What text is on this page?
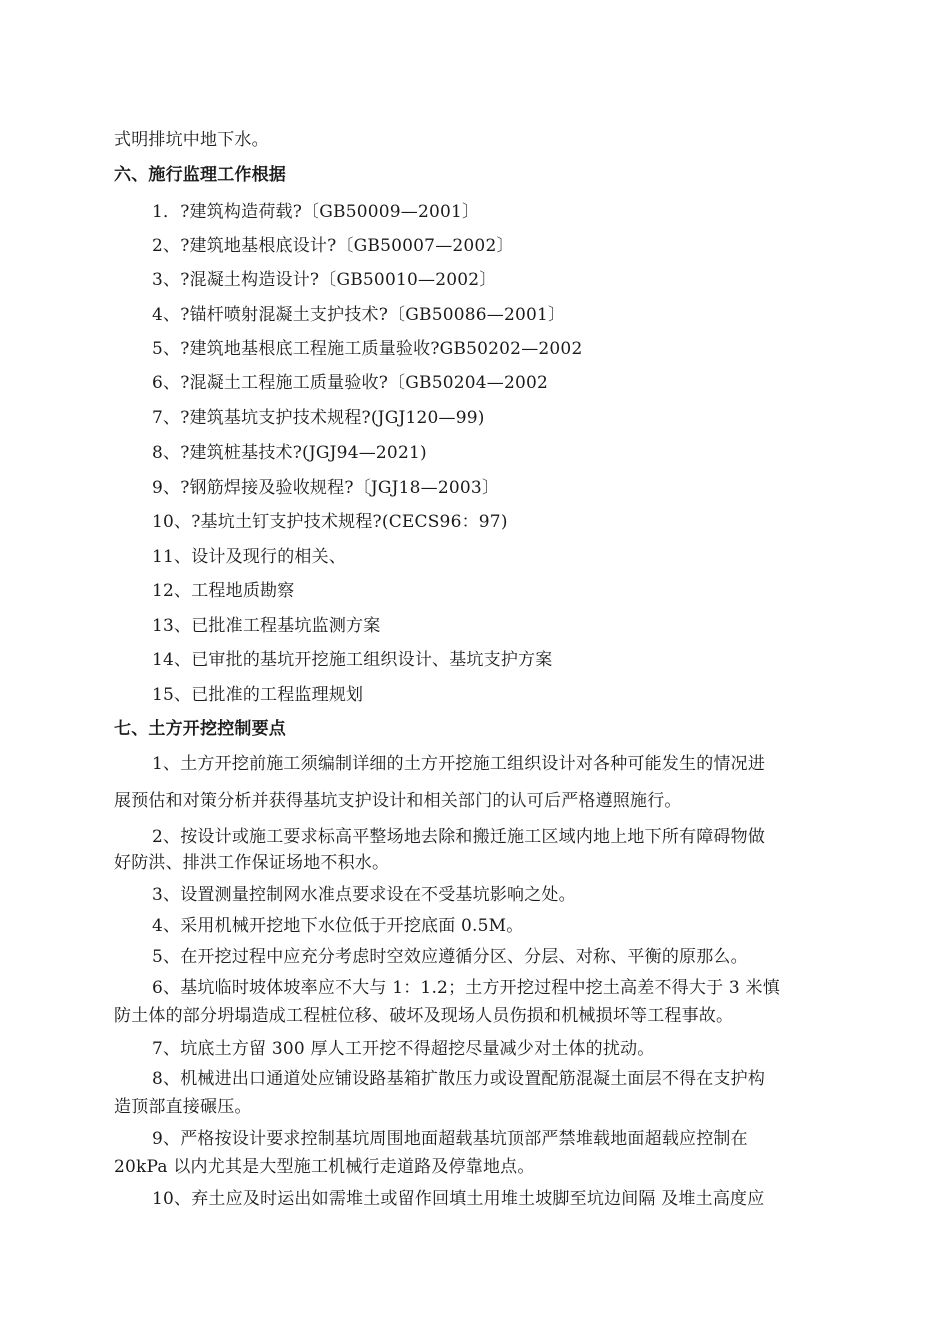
式明排坑中地下水。
六、施行监理工作根据
1．?建筑构造荷载?〔GB50009—2001〕
2、?建筑地基根底设计?〔GB50007—2002〕
3、?混凝土构造设计?〔GB50010—2002〕
4、?锚杆喷射混凝土支护技术?〔GB50086—2001〕
5、?建筑地基根底工程施工质量验收?GB50202—2002
6、?混凝土工程施工质量验收?〔GB50204—2002
7、?建筑基坑支护技术规程?(JGJ120—99)
8、?建筑桩基技术?(JGJ94—2021)
9、?钢筋焊接及验收规程?〔JGJ18—2003〕
10、?基坑土钉支护技术规程?(CECS96：97)
11、设计及现行的相关、
12、工程地质勘察
13、已批准工程基坑监测方案
14、已审批的基坑开挖施工组织设计、基坑支护方案
15、已批准的工程监理规划
七、土方开挖控制要点
1、土方开挖前施工须编制详细的土方开挖施工组织设计对各种可能发生的情况进
展预估和对策分析并获得基坑支护设计和相关部门的认可后严格遵照施行。
2、按设计或施工要求标高平整场地去除和搬迁施工区域内地上地下所有障碍物做
好防洪、排洪工作保证场地不积水。
3、设置测量控制网水准点要求设在不受基坑影响之处。
4、采用机械开挖地下水位低于开挖底面 0.5M。
5、在开挖过程中应充分考虑时空效应遵循分区、分层、对称、平衡的原那么。
6、基坑临时坡体坡率应不大与 1：1.2；土方开挖过程中挖土高差不得大于 3 米慎
防土体的部分坍塌造成工程桩位移、破坏及现场人员伤损和机械损坏等工程事故。
7、坑底土方留 300 厚人工开挖不得超挖尽量减少对土体的扰动。
8、机械进出口通道处应铺设路基箱扩散压力或设置配筋混凝土面层不得在支护构
造顶部直接碾压。
9、严格按设计要求控制基坑周围地面超载基坑顶部严禁堆载地面超载应控制在
20kPa 以内尤其是大型施工机械行走道路及停靠地点。
10、弃土应及时运出如需堆土或留作回填土用堆土坡脚至坑边间隔 及堆土高度应
